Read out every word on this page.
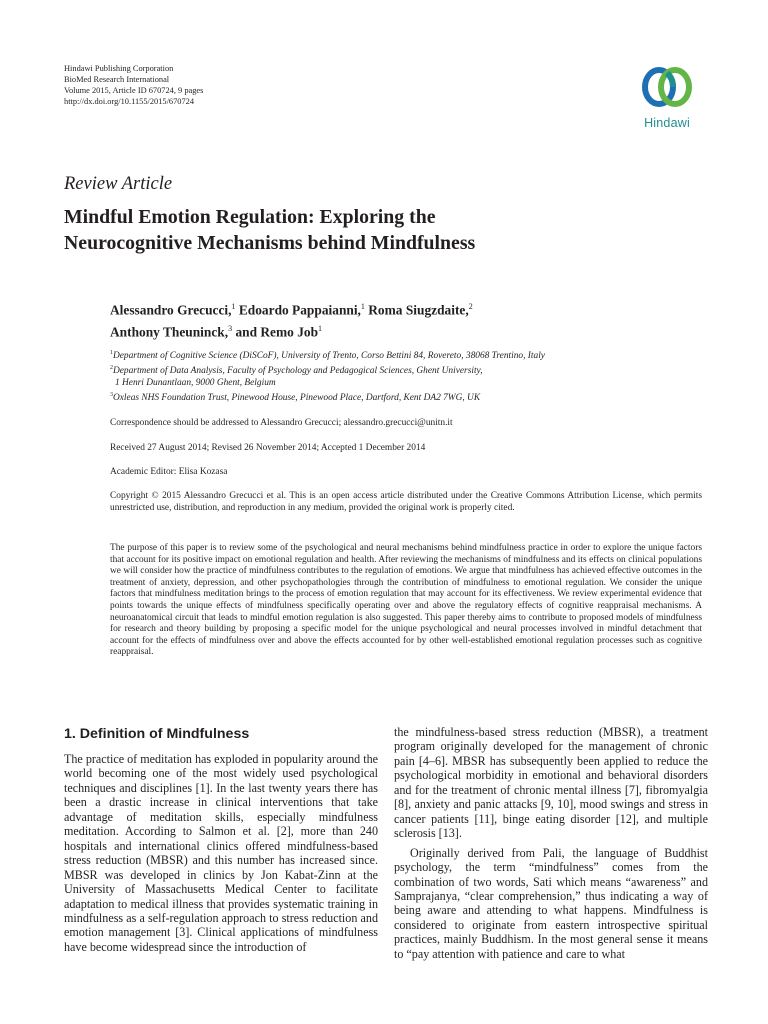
Hindawi Publishing Corporation
BioMed Research International
Volume 2015, Article ID 670724, 9 pages
http://dx.doi.org/10.1155/2015/670724
Hindawi
Review Article
Mindful Emotion Regulation: Exploring the
Neurocognitive Mechanisms behind Mindfulness
Alessandro Grecucci,$^1$ Edoardo Pappaianni,$^1$ Roma Siugzdaite,$^2$
Anthony Theuninck,$^3$ and Remo Job$^1$
$^1$Department of Cognitive Science (DiSCoF), University of Trento, Corso Bettini 84, Rovereto, 38068 Trentino, Italy
$^2$Department of Data Analysis, Faculty of Psychology and Pedagogical Sciences, Ghent University,
1 Henri Dunantlaan, 9000 Ghent, Belgium
$^3$Oxleas NHS Foundation Trust, Pinewood House, Pinewood Place, Dartford, Kent DA2 7WG, UK
Correspondence should be addressed to Alessandro Grecucci; alessandro.grecucci@unitn.it
Received 27 August 2014; Revised 26 November 2014; Accepted 1 December 2014
Academic Editor: Elisa Kozasa
Copyright © 2015 Alessandro Grecucci et al. This is an open access article distributed under the Creative Commons Attribution License, which permits unrestricted use, distribution, and reproduction in any medium, provided the original work is properly cited.
The purpose of this paper is to review some of the psychological and neural mechanisms behind mindfulness practice in order to explore the unique factors that account for its positive impact on emotional regulation and health. After reviewing the mechanisms of mindfulness and its effects on clinical populations we will consider how the practice of mindfulness contributes to the regulation of emotions. We argue that mindfulness has achieved effective outcomes in the treatment of anxiety, depression, and other psychopathologies through the contribution of mindfulness to emotional regulation. We consider the unique factors that mindfulness meditation brings to the process of emotion regulation that may account for its effectiveness. We review experimental evidence that points towards the unique effects of mindfulness specifically operating over and above the regulatory effects of cognitive reappraisal mechanisms. A neuroanatomical circuit that leads to mindful emotion regulation is also suggested. This paper thereby aims to contribute to proposed models of mindfulness for research and theory building by proposing a specific model for the unique psychological and neural processes involved in mindful detachment that account for the effects of mindfulness over and above the effects accounted for by other well-established emotional regulation processes such as cognitive reappraisal.
1. Definition of Mindfulness

The practice of meditation has exploded in popularity around the world becoming one of the most widely used psychological techniques and disciplines [1]. In the last twenty years there has been a drastic increase in clinical interventions that take advantage of meditation skills, especially mindfulness meditation. According to Salmon et al. [2], more than 240 hospitals and international clinics offered mindfulness-based stress reduction (MBSR) and this number has increased since. MBSR was developed in clinics by Jon Kabat-Zinn at the University of Massachusetts Medical Center to facilitate adaptation to medical illness that provides systematic training in mindfulness as a self-regulation approach to stress reduction and emotion management [3]. Clinical applications of mindfulness have become widespread since the introduction of

the mindfulness-based stress reduction (MBSR), a treatment program originally developed for the management of chronic pain [4–6]. MBSR has subsequently been applied to reduce the psychological morbidity in emotional and behavioral disorders and for the treatment of chronic mental illness [7], fibromyalgia [8], anxiety and panic attacks [9, 10], mood swings and stress in cancer patients [11], binge eating disorder [12], and multiple sclerosis [13].

Originally derived from Pali, the language of Buddhist psychology, the term “mindfulness” comes from the combination of two words, Sati which means “awareness” and Samprajanya, “clear comprehension,” thus indicating a way of being aware and attending to what happens. Mindfulness is considered to originate from eastern introspective spiritual practices, mainly Buddhism. In the most general sense it means to “pay attention with patience and care to what
